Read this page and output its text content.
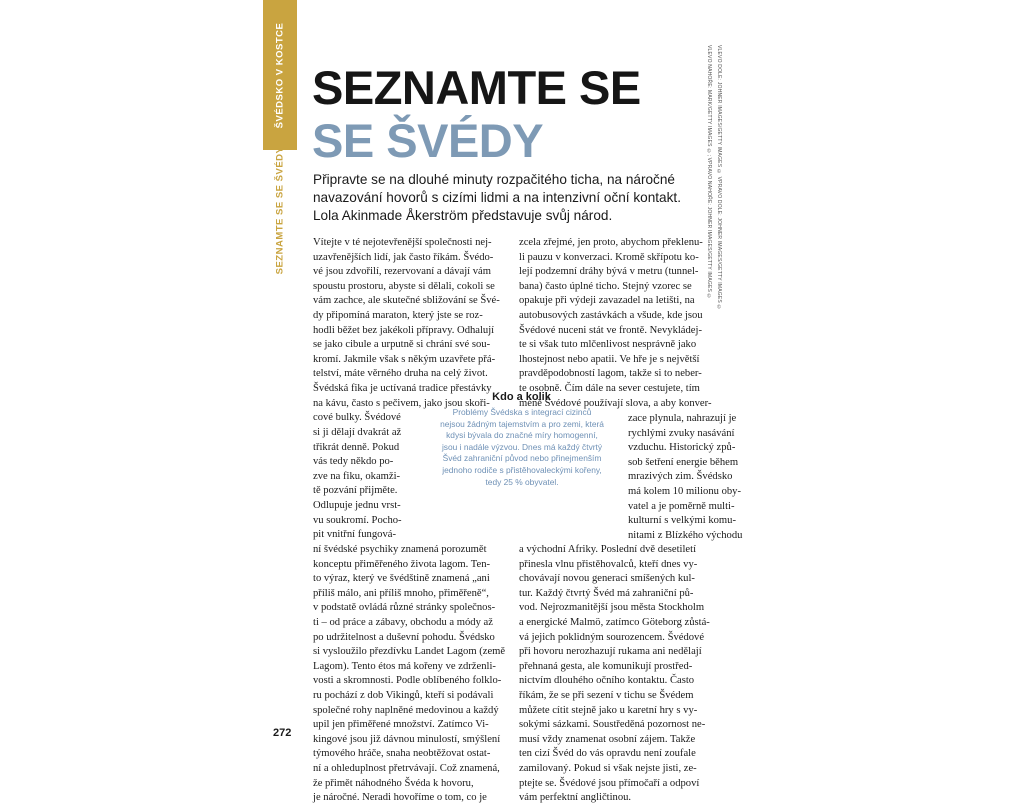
ŠVÉDSKO V KOSTCE
SEZNAMTE SE SE ŠVÉDY
SEZNAMTE SE
SE ŠVÉDY
Připravte se na dlouhé minuty rozpačitého ticha, na náročné
navazování hovorů s cizími lidmi a na intenzivní oční kontakt.
Lola Akinmade Åkerström představuje svůj národ.	VLEVO NAHOŘE: MARK/GETTY IMAGES ©; VPRAVO NAHOŘE: JOHNER IMAGES/GETTY IMAGES © VLEVO DOLE: JOHNER IMAGES/GETTY IMAGES © VPRAVO DOLE: JOHNER IMAGES/GETTY IMAGES ©
Vítejte v té nejotevřenější společnosti nej-
uzavřenějších lidí, jak často říkám. Švédo-
vé jsou zdvořilí, rezervovaní a dávají vám
spoustu prostoru, abyste si dělali, cokoli se
vám zachce, ale skutečné sbližování se Švé-
dy připomíná maraton, který jste se roz-
hodli běžet bez jakékoli přípravy. Odhalují
se jako cibule a urputně si chrání své sou-
kromí. Jakmile však s někým uzavřete přá-
telství, máte věrného druha na celý život.
Švédská fika je uctívaná tradice přestávky
na kávu, často s pečivem, jako jsou skoři-
cové bulky. Švédové
si ji dělají dvakrát až
třikrát denně. Pokud
vás tedy někdo po-
zve na fiku, okamži-
tě pozvání přijměte.
Odlupuje jednu vrst-
vu soukromí. Pocho-
pit vnitřní fungová-
ní švédské psychiky znamená porozumět
konceptu přiměřeného života lagom. Ten-
to výraz, který ve švédštině znamená „ani
příliš málo, ani příliš mnoho, přiměřeně“,
v podstatě ovládá různé stránky společnos-
ti – od práce a zábavy, obchodu a módy až
po udržitelnost a duševní pohodu. Švédsko
si vysloužilo přezdívku Landet Lagom (země
Lagom). Tento étos má kořeny ve zdrženli-
vosti a skromnosti. Podle oblíbeného folklo-
ru pochází z dob Vikingů, kteří si podávali
společné rohy naplněné medovinou a každý
upil jen přiměřené množství. Zatímco Vi-
kingové jsou již dávnou minulostí, smýšlení
týmového hráče, snaha neobtěžovat ostat-
ní a ohleduplnost přetrvávají. Což znamená,
že přimět náhodného Švéda k hovoru,
je náročné. Neradi hovoříme o tom, co je
zcela zřejmé, jen proto, abychom překlenu-
li pauzu v konverzaci. Kromě skřípotu ko-
lejí podzemní dráhy bývá v metru (tunnel-
bana) často úplné ticho. Stejný vzorec se
opakuje při výdeji zavazadel na letišti, na
autobusových zastávkách a všude, kde jsou
Švédové nuceni stát ve frontě. Nevykládej-
te si však tuto mlčenlivost nesprávně jako
lhostejnost nebo apatii. Ve hře je s největší
pravděpodobností lagom, takže si to neber-
te osobně. Čím dále na sever cestujete, tím
méně Švédové používají slova, a aby konver-
zace plynula, nahrazují je
rychlými zvuky nasávání
vzduchu. Historický způ-
sob šetření energie během
mrazivých zim. Švédsko
má kolem 10 milionu oby-
vatel a je poměrně multi-
kulturní s velkými komu-
nitami z Blízkého východu
a východní Afriky. Poslední dvě desetiletí
přinesla vlnu přistěhovalců, kteří dnes vy-
chovávají novou generaci smíšených kul-
tur. Každý čtvrtý Švéd má zahraniční pů-
vod. Nejrozmanitější jsou města Stockholm
a energické Malmö, zatímco Göteborg zůstá-
vá jejich poklidným sourozencem. Švédové
při hovoru nerozhazují rukama ani nedělají
přehnaná gesta, ale komunikují prostřed-
nictvím dlouhého očního kontaktu. Často
říkám, že se při sezení v tichu se Švédem
můžete cítit stejně jako u karetní hry s vy-
sokými sázkami. Soustředěná pozornost ne-
musí vždy znamenat osobní zájem. Takže
ten cizí Švéd do vás opravdu není zoufale
zamilovaný. Pokud si však nejste jisti, ze-
ptejte se. Švédové jsou přímočaří a odpoví
vám perfektní angličtinou.
Kdo a kolik
Problémy Švédska s integrací cizinců
nejsou žádným tajemstvím a pro zemi, která
kdysi bývala do značné míry homogenní,
jsou i nadále výzvou. Dnes má každý čtvrtý
Švéd zahraniční původ nebo přinejmenším
jednoho rodiče s přistěhovaleckými kořeny,
tedy 25 % obyvatel.
272
